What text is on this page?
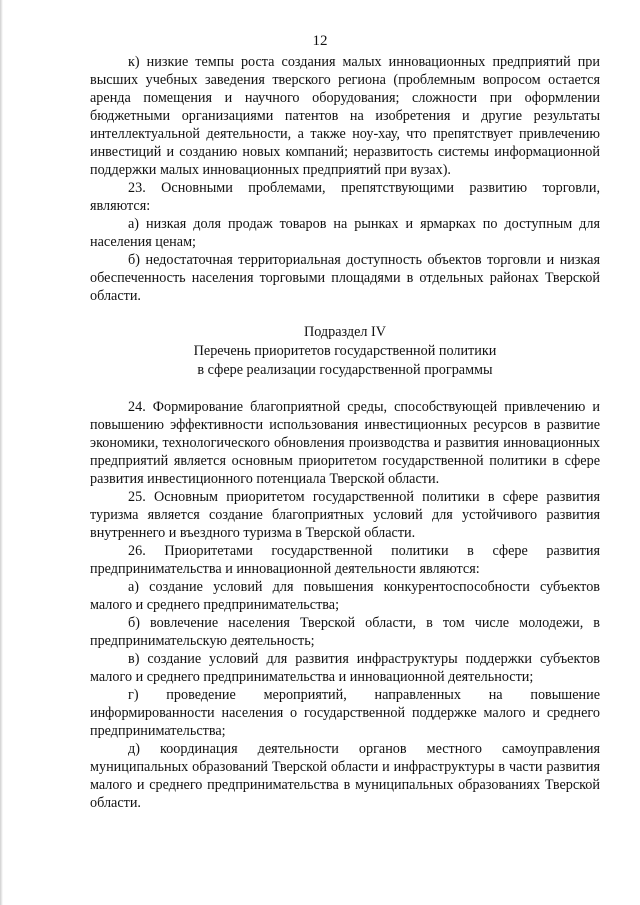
12

к) низкие темпы роста создания малых инновационных предприятий при высших учебных заведения тверского региона (проблемным вопросом остается аренда помещения и научного оборудования; сложности при оформлении бюджетными организациями патентов на изобретения и другие результаты интеллектуальной деятельности, а также ноу-хау, что препятствует привлечению инвестиций и созданию новых компаний; неразвитость системы информационной поддержки малых инновационных предприятий при вузах).

23. Основными проблемами, препятствующими развитию торговли, являются:

а) низкая доля продаж товаров на рынках и ярмарках по доступным для населения ценам;

б) недостаточная территориальная доступность объектов торговли и низкая обеспеченность населения торговыми площадями в отдельных районах Тверской области.

Подраздел IV
Перечень приоритетов государственной политики
в сфере реализации государственной программы

24. Формирование благоприятной среды, способствующей привлечению и повышению эффективности использования инвестиционных ресурсов в развитие экономики, технологического обновления производства и развития инновационных предприятий является основным приоритетом государственной политики в сфере развития инвестиционного потенциала Тверской области.

25. Основным приоритетом государственной политики в сфере развития туризма является создание благоприятных условий для устойчивого развития внутреннего и въездного туризма в Тверской области.

26. Приоритетами государственной политики в сфере развития предпринимательства и инновационной деятельности являются:

а) создание условий для повышения конкурентоспособности субъектов малого и среднего предпринимательства;

б) вовлечение населения Тверской области, в том числе молодежи, в предпринимательскую деятельность;

в) создание условий для развития инфраструктуры поддержки субъектов малого и среднего предпринимательства и инновационной деятельности;

г) проведение мероприятий, направленных на повышение информированности населения о государственной поддержке малого и среднего предпринимательства;

д) координация деятельности органов местного самоуправления муниципальных образований Тверской области и инфраструктуры в части развития малого и среднего предпринимательства в муниципальных образованиях Тверской области.
